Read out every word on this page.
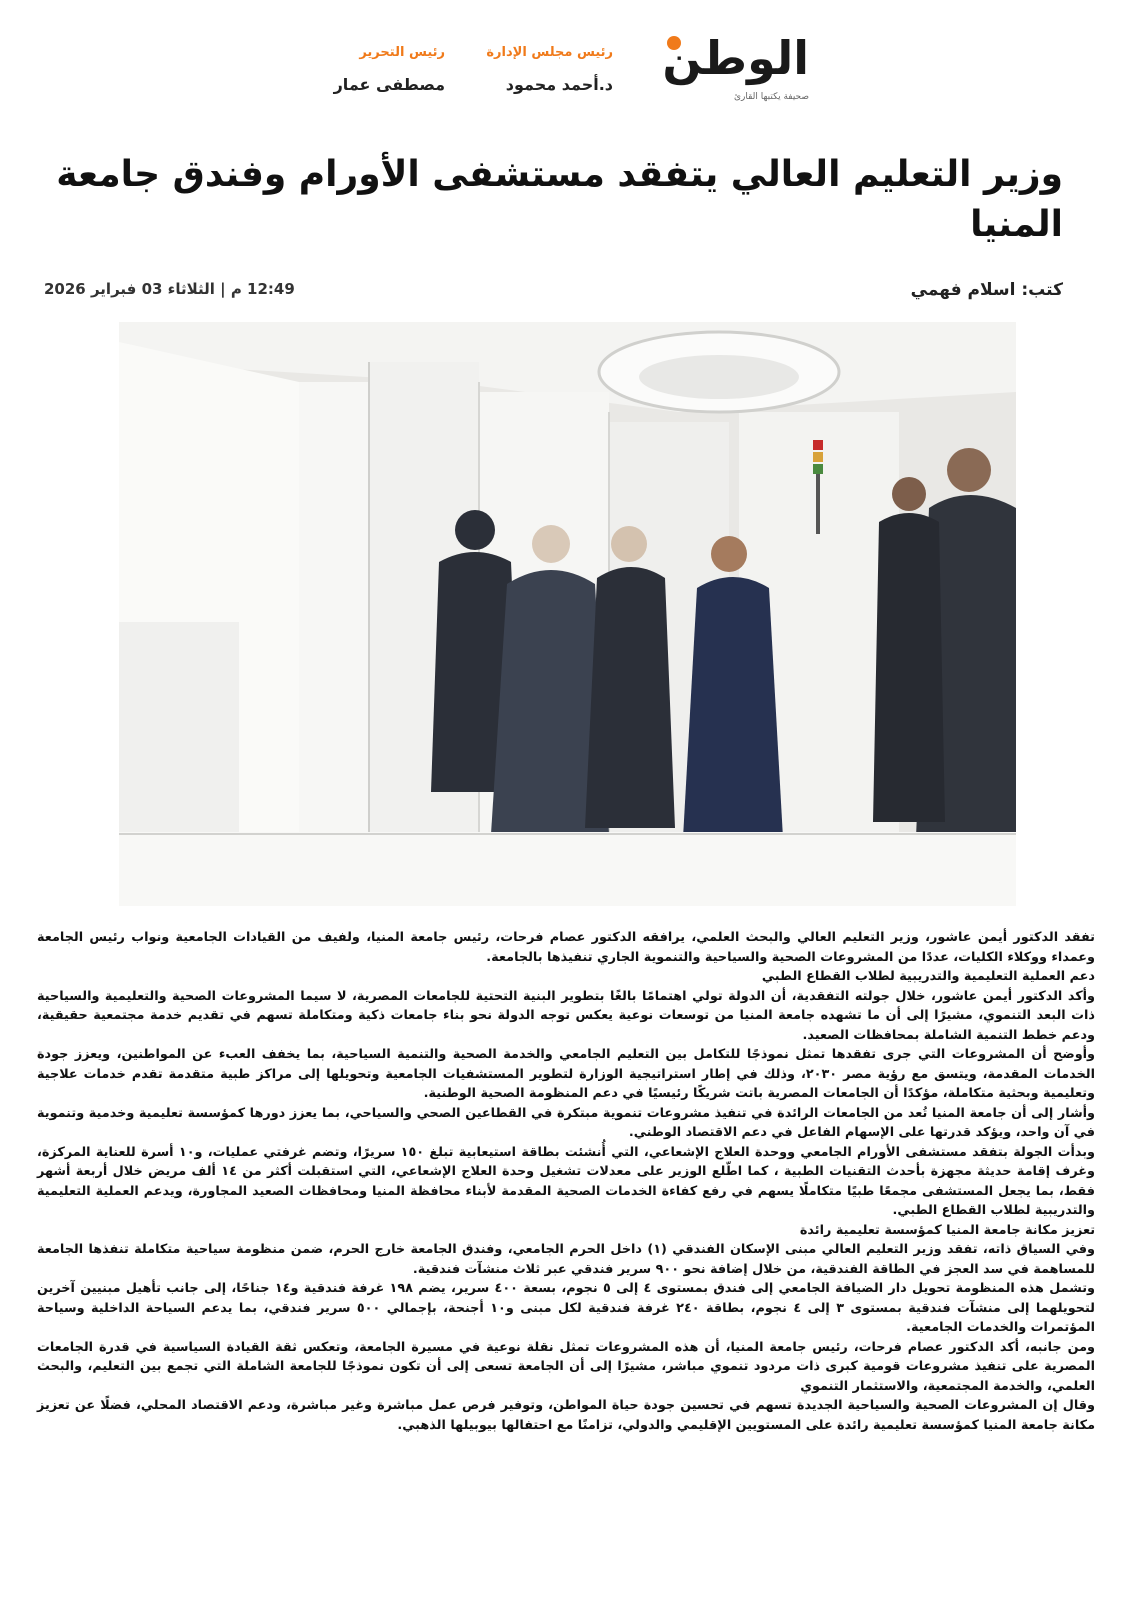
الوطن
صحيفة يكتبها القارئ
رئيس مجلس الإدارة
د.أحمد محمود
رئيس التحرير
مصطفى عمار
وزير التعليم العالي يتفقد مستشفى الأورام وفندق جامعة المنيا
كتب: اسلام فهمي
12:49 م | الثلاثاء 03 فبراير 2026

تفقد الدكتور أيمن عاشور، وزير التعليم العالي والبحث العلمي، يرافقه الدكتور عصام فرحات، رئيس جامعة المنيا، ولفيف من القيادات الجامعية ونواب رئيس الجامعة وعمداء ووكلاء الكليات، عددًا من المشروعات الصحية والسياحية والتنموية الجاري تنفيذها بالجامعة.

دعم العملية التعليمية والتدريبية لطلاب القطاع الطبي

وأكد الدكتور أيمن عاشور، خلال جولته التفقدية، أن الدولة تولي اهتمامًا بالغًا بتطوير البنية التحتية للجامعات المصرية، لا سيما المشروعات الصحية والتعليمية والسياحية ذات البعد التنموي، مشيرًا إلى أن ما تشهده جامعة المنيا من توسعات نوعية يعكس توجه الدولة نحو بناء جامعات ذكية ومتكاملة تسهم في تقديم خدمة مجتمعية حقيقية، ودعم خطط التنمية الشاملة بمحافظات الصعيد.

وأوضح أن المشروعات التي جرى تفقدها تمثل نموذجًا للتكامل بين التعليم الجامعي والخدمة الصحية والتنمية السياحية، بما يخفف العبء عن المواطنين، ويعزز جودة الخدمات المقدمة، ويتسق مع رؤية مصر ٢٠٣٠، وذلك في إطار استراتيجية الوزارة لتطوير المستشفيات الجامعية وتحويلها إلى مراكز طبية متقدمة تقدم خدمات علاجية وتعليمية وبحثية متكاملة، مؤكدًا أن الجامعات المصرية باتت شريكًا رئيسيًا في دعم المنظومة الصحية الوطنية.

وأشار إلى أن جامعة المنيا تُعد من الجامعات الرائدة في تنفيذ مشروعات تنموية مبتكرة في القطاعين الصحي والسياحي، بما يعزز دورها كمؤسسة تعليمية وخدمية وتنموية في آن واحد، ويؤكد قدرتها على الإسهام الفاعل في دعم الاقتصاد الوطني.

وبدأت الجولة بتفقد مستشفى الأورام الجامعي ووحدة العلاج الإشعاعي، التي أُنشئت بطاقة استيعابية تبلغ ١٥٠ سريرًا، وتضم غرفتي عمليات، و١٠ أسرة للعناية المركزة، وغرف إقامة حديثة مجهزة بأحدث التقنيات الطبية ، كما اطّلع الوزير على معدلات تشغيل وحدة العلاج الإشعاعي، التي استقبلت أكثر من ١٤ ألف مريض خلال أربعة أشهر فقط، بما يجعل المستشفى مجمعًا طبيًا متكاملًا يسهم في رفع كفاءة الخدمات الصحية المقدمة لأبناء محافظة المنيا ومحافظات الصعيد المجاورة، ويدعم العملية التعليمية والتدريبية لطلاب القطاع الطبي.

تعزيز مكانة جامعة المنيا كمؤسسة تعليمية رائدة

وفي السياق ذاته، تفقد وزير التعليم العالي مبنى الإسكان الفندقي (١) داخل الحرم الجامعي، وفندق الجامعة خارج الحرم، ضمن منظومة سياحية متكاملة تنفذها الجامعة للمساهمة في سد العجز في الطاقة الفندقية، من خلال إضافة نحو ٩٠٠ سرير فندقي عبر ثلاث منشآت فندقية.

وتشمل هذه المنظومة تحويل دار الضيافة الجامعي إلى فندق بمستوى ٤ إلى ٥ نجوم، بسعة ٤٠٠ سرير، يضم ١٩٨ غرفة فندقية و١٤ جناحًا، إلى جانب تأهيل مبنيين آخرين لتحويلهما إلى منشآت فندقية بمستوى ٣ إلى ٤ نجوم، بطاقة ٢٤٠ غرفة فندقية لكل مبنى و١٠ أجنحة، بإجمالي ٥٠٠ سرير فندقي، بما يدعم السياحة الداخلية وسياحة المؤتمرات والخدمات الجامعية.

ومن جانبه، أكد الدكتور عصام فرحات، رئيس جامعة المنيا، أن هذه المشروعات تمثل نقلة نوعية في مسيرة الجامعة، وتعكس ثقة القيادة السياسية في قدرة الجامعات المصرية على تنفيذ مشروعات قومية كبرى ذات مردود تنموي مباشر، مشيرًا إلى أن الجامعة تسعى إلى أن تكون نموذجًا للجامعة الشاملة التي تجمع بين التعليم، والبحث العلمي، والخدمة المجتمعية، والاستثمار التنموي

وقال إن المشروعات الصحية والسياحية الجديدة تسهم في تحسين جودة حياة المواطن، وتوفير فرص عمل مباشرة وغير مباشرة، ودعم الاقتصاد المحلي، فضلًا عن تعزيز مكانة جامعة المنيا كمؤسسة تعليمية رائدة على المستويين الإقليمي والدولي، تزامنًا مع احتفالها بيوبيلها الذهبي.
